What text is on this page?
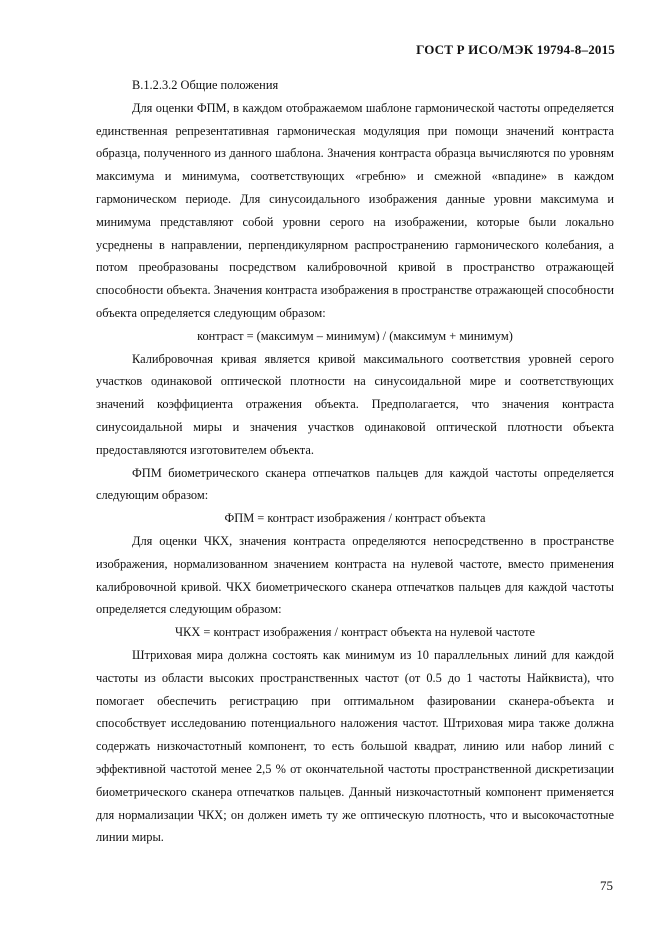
ГОСТ Р ИСО/МЭК 19794-8–2015
B.1.2.3.2 Общие положения

Для оценки ФПМ, в каждом отображаемом шаблоне гармонической частоты определяется единственная репрезентативная гармоническая модуляция при помощи значений контраста образца, полученного из данного шаблона. Значения контраста образца вычисляются по уровням максимума и минимума, соответствующих «гребню» и смежной «впадине» в каждом гармоническом периоде. Для синусоидального изображения данные уровни максимума и минимума представляют собой уровни серого на изображении, которые были локально усреднены в направлении, перпендикулярном распространению гармонического колебания, а потом преобразованы посредством калибровочной кривой в пространство отражающей способности объекта. Значения контраста изображения в пространстве отражающей способности объекта определяется следующим образом:

контраст = (максимум – минимум) / (максимум + минимум)

Калибровочная кривая является кривой максимального соответствия уровней серого участков одинаковой оптической плотности на синусоидальной мире и соответствующих значений коэффициента отражения объекта. Предполагается, что значения контраста синусоидальной миры и значения участков одинаковой оптической плотности объекта предоставляются изготовителем объекта.

ФПМ биометрического сканера отпечатков пальцев для каждой частоты определяется следующим образом:

ФПМ = контраст изображения / контраст объекта

Для оценки ЧКХ, значения контраста определяются непосредственно в пространстве изображения, нормализованном значением контраста на нулевой частоте, вместо применения калибровочной кривой. ЧКХ биометрического сканера отпечатков пальцев для каждой частоты определяется следующим образом:

ЧКХ = контраст изображения / контраст объекта на нулевой частоте

Штриховая мира должна состоять как минимум из 10 параллельных линий для каждой частоты из области высоких пространственных частот (от 0.5 до 1 частоты Найквиста), что помогает обеспечить регистрацию при оптимальном фазировании сканера-объекта и способствует исследованию потенциального наложения частот. Штриховая мира также должна содержать низкочастотный компонент, то есть большой квадрат, линию или набор линий с эффективной частотой менее 2,5 % от окончательной частоты пространственной дискретизации биометрического сканера отпечатков пальцев. Данный низкочастотный компонент применяется для нормализации ЧКХ; он должен иметь ту же оптическую плотность, что и высокочастотные линии миры.

75
